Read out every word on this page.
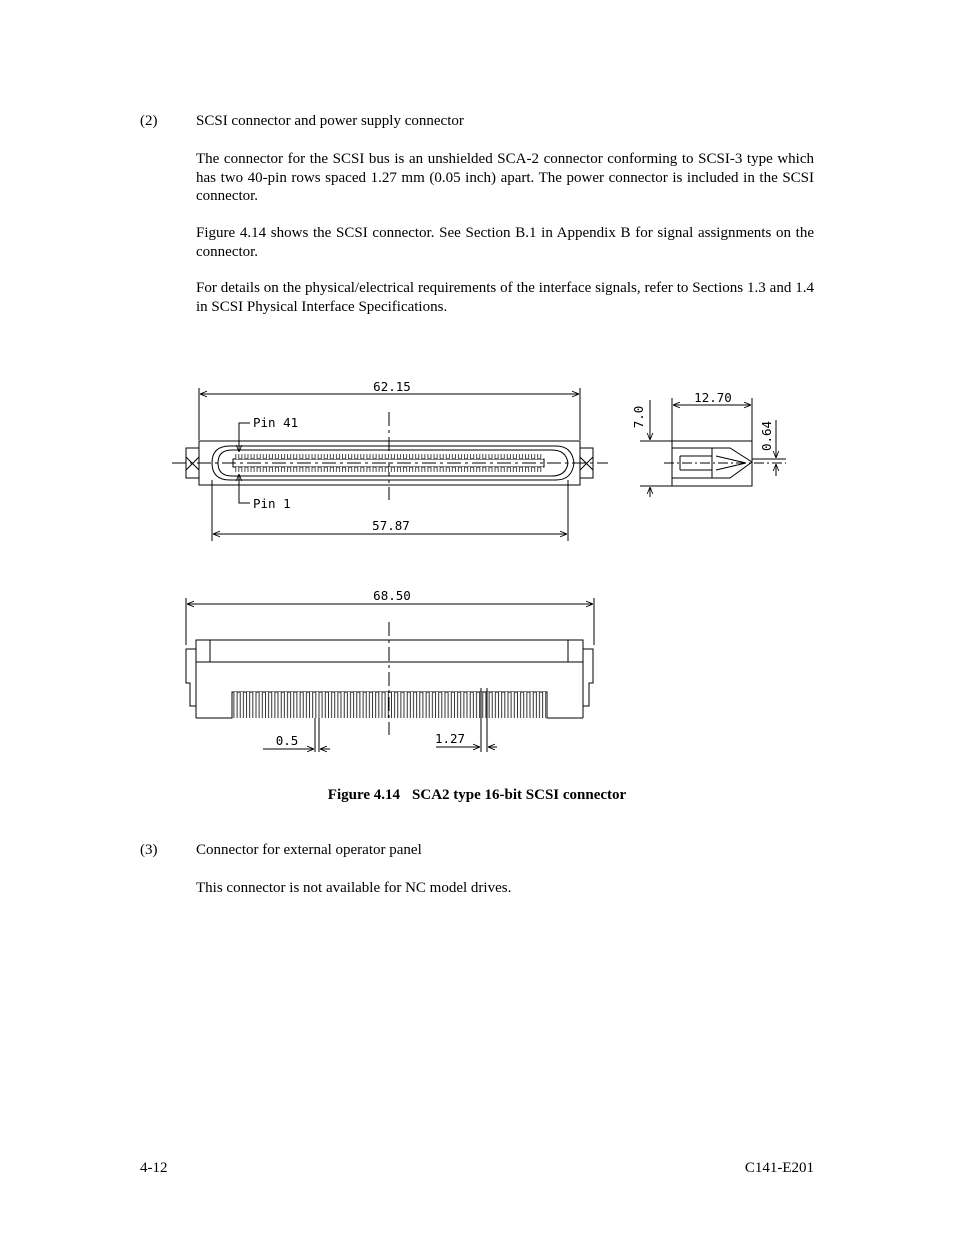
(2)	SCSI connector and power supply connector
The connector for the SCSI bus is an unshielded SCA-2 connector conforming to SCSI-3 type which has two 40-pin rows spaced 1.27 mm (0.05 inch) apart. The power connector is included in the SCSI connector.
Figure 4.14 shows the SCSI connector. See Section B.1 in Appendix B for signal assignments on the connector.
For details on the physical/electrical requirements of the interface signals, refer to Sections 1.3 and 1.4 in SCSI Physical Interface Specifications.
62.15
Pin 41
Pin 1
57.87
12.70
7.0
0.64
68.50
0.5	1.27
Figure 4.14 SCA2 type 16-bit SCSI connector
(3)	Connector for external operator panel
This connector is not available for NC model drives.
4-12	C141-E201
